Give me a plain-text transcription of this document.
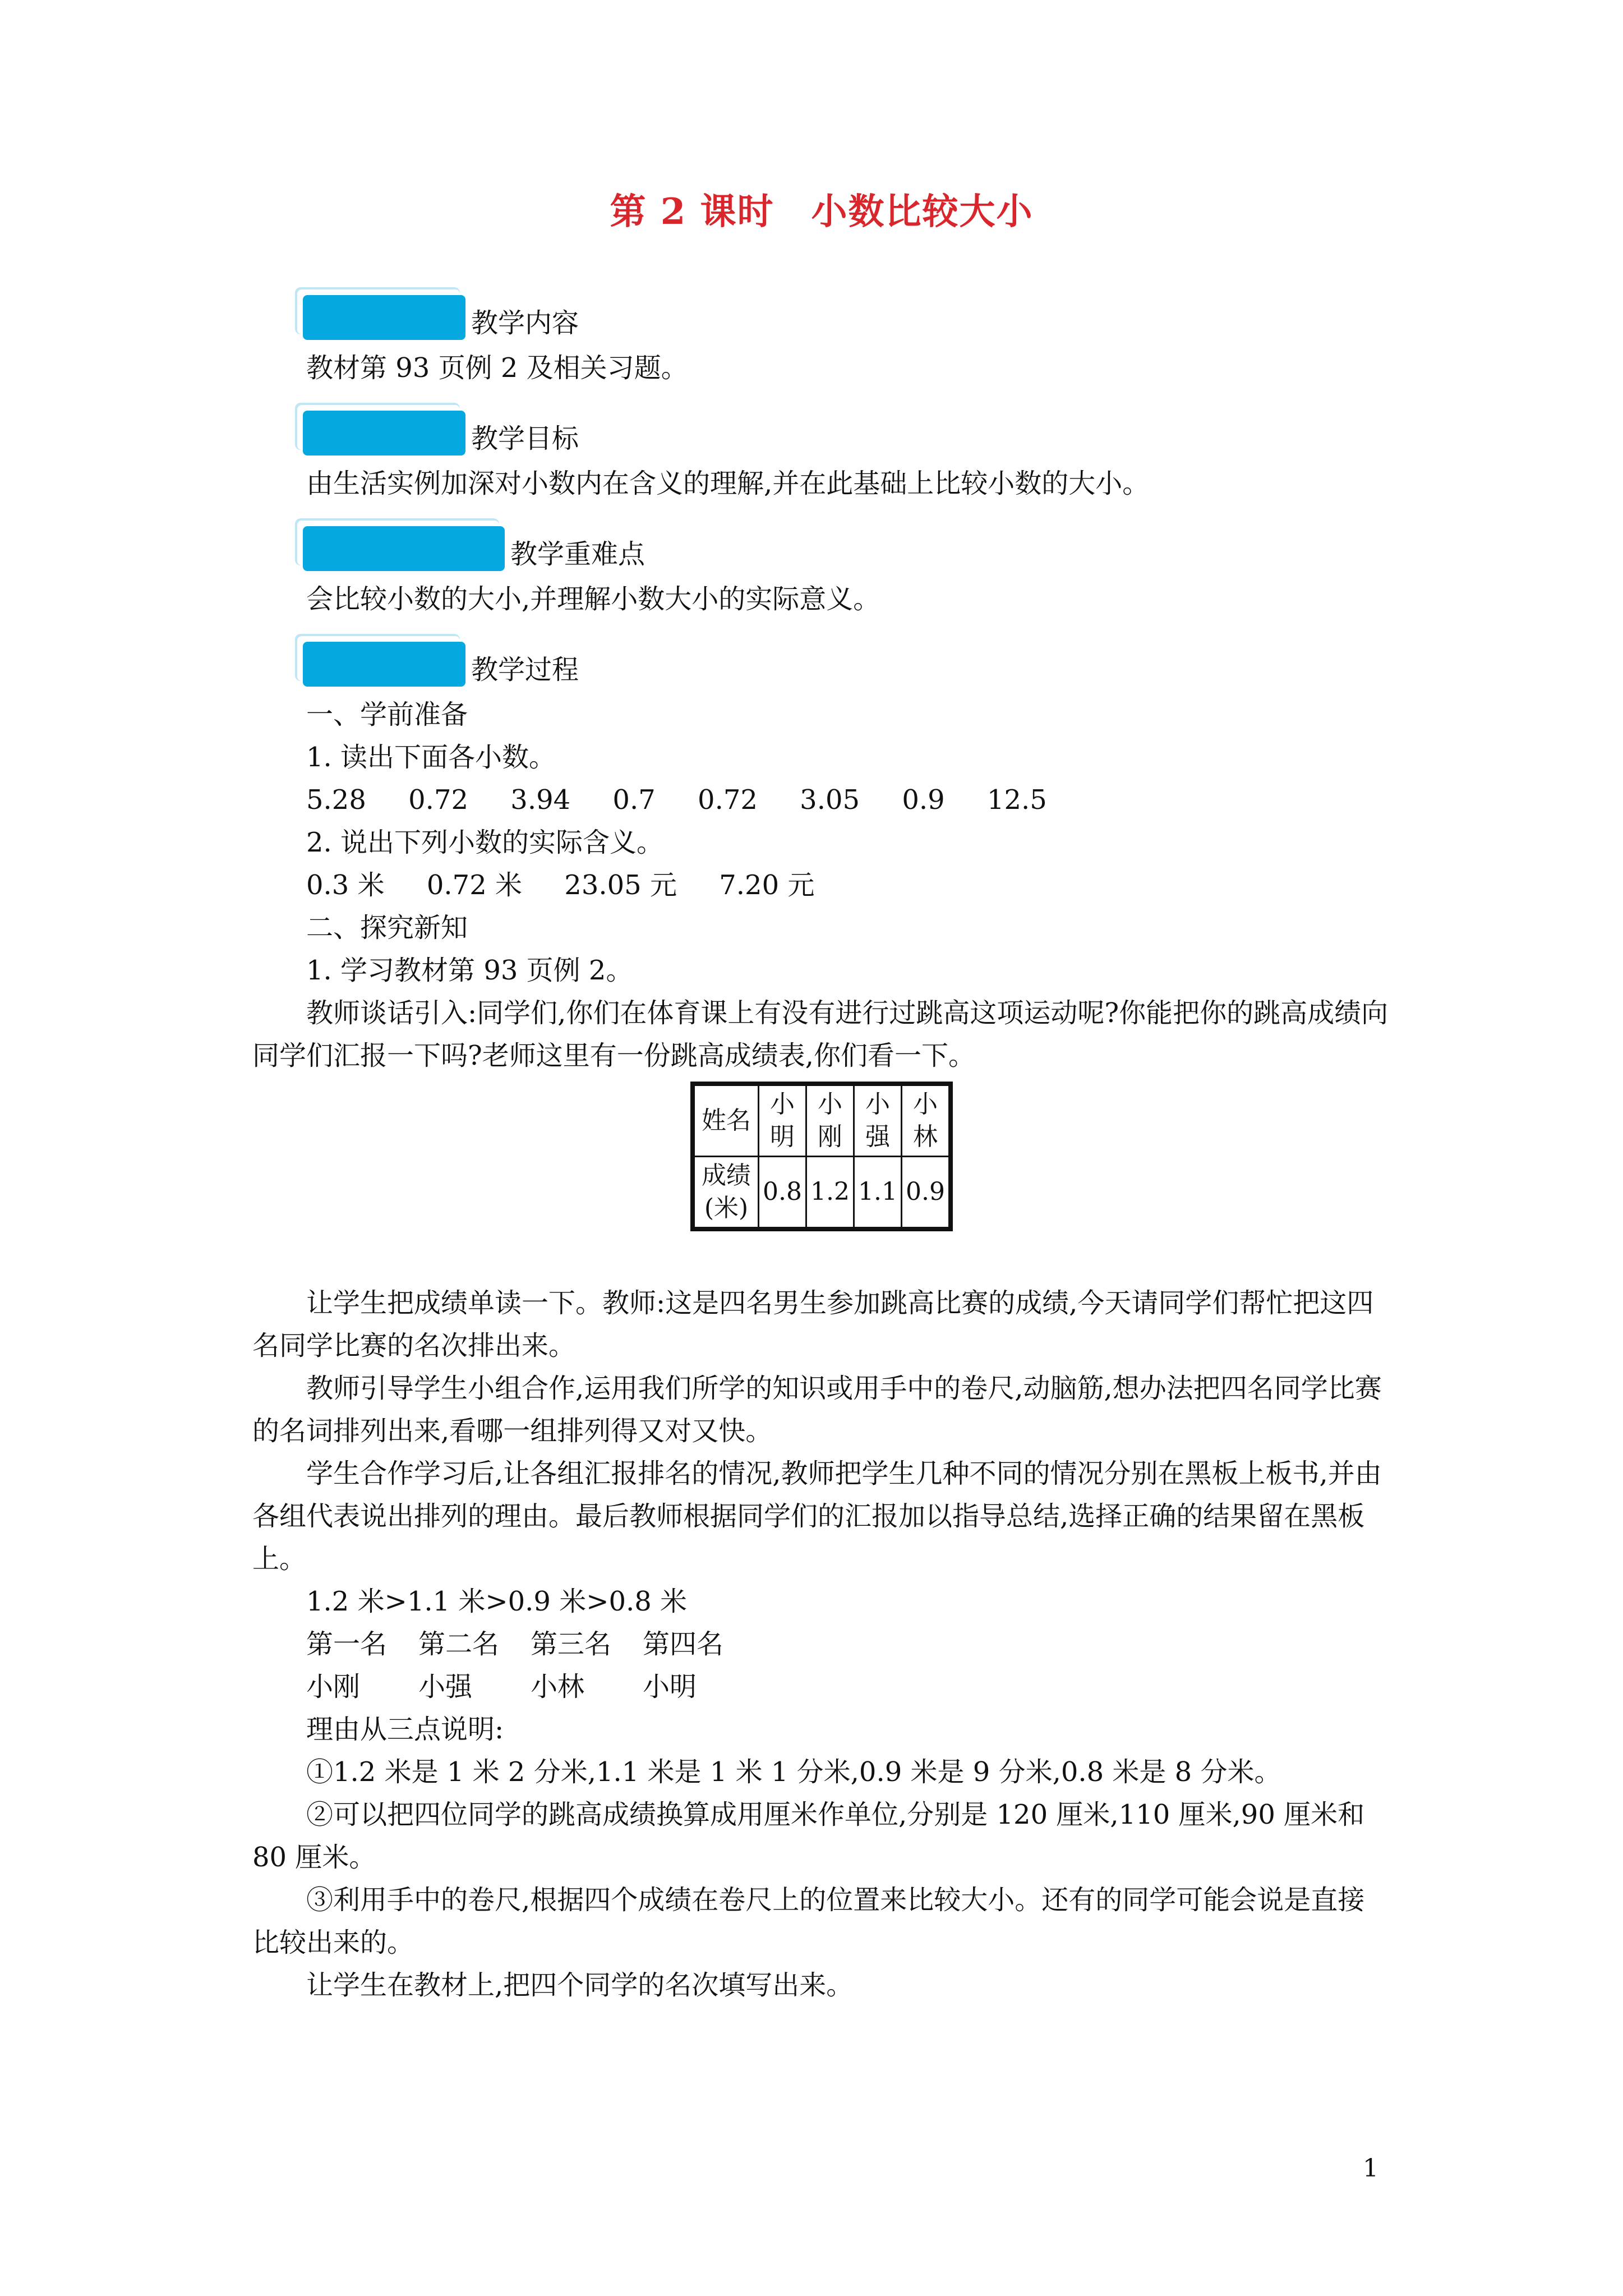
第 2 课时　小数比较大小
教学内容

教材第 93 页例 2 及相关习题。

教学目标

由生活实例加深对小数内在含义的理解,并在此基础上比较小数的大小。

教学重难点

会比较小数的大小,并理解小数大小的实际意义。

教学过程

一、学前准备

1. 读出下面各小数。

5.28 0.72 3.94 0.7 0.72 3.05 0.9 12.5

2. 说出下列小数的实际含义。

0.3 米 0.72 米 23.05 元 7.20 元

二、探究新知

1. 学习教材第 93 页例 2。

教师谈话引入:同学们,你们在体育课上有没有进行过跳高这项运动呢?你能把你的跳高成绩向同学们汇报一下吗?老师这里有一份跳高成绩表,你们看一下。

姓名	小明	小刚	小强	小林
成绩(米)	0.8	1.2	1.1	0.9

让学生把成绩单读一下。教师:这是四名男生参加跳高比赛的成绩,今天请同学们帮忙把这四名同学比赛的名次排出来。

教师引导学生小组合作,运用我们所学的知识或用手中的卷尺,动脑筋,想办法把四名同学比赛的名词排列出来,看哪一组排列得又对又快。

学生合作学习后,让各组汇报排名的情况,教师把学生几种不同的情况分别在黑板上板书,并由各组代表说出排列的理由。最后教师根据同学们的汇报加以指导总结,选择正确的结果留在黑板上。

1.2 米>1.1 米>0.9 米>0.8 米

第一名 第二名 第三名 第四名

小刚 小强 小林 小明

理由从三点说明:

①1.2 米是 1 米 2 分米,1.1 米是 1 米 1 分米,0.9 米是 9 分米,0.8 米是 8 分米。

②可以把四位同学的跳高成绩换算成用厘米作单位,分别是 120 厘米,110 厘米,90 厘米和 80 厘米。

③利用手中的卷尺,根据四个成绩在卷尺上的位置来比较大小。还有的同学可能会说是直接比较出来的。

让学生在教材上,把四个同学的名次填写出来。

1
